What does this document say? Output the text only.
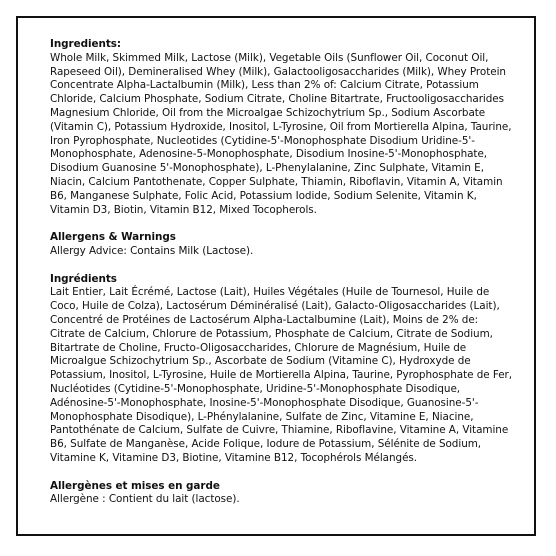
Ingredients:

Whole Milk, Skimmed Milk, Lactose (Milk), Vegetable Oils (Sunflower Oil, Coconut Oil, Rapeseed Oil), Demineralised Whey (Milk), Galactooligosaccharides (Milk), Whey Protein Concentrate Alpha-Lactalbumin (Milk), Less than 2% of: Calcium Citrate, Potassium Chloride, Calcium Phosphate, Sodium Citrate, Choline Bitartrate, Fructooligosaccharides Magnesium Chloride, Oil from the Microalgae Schizochytrium Sp., Sodium Ascorbate (Vitamin C), Potassium Hydroxide, Inositol, L-Tyrosine, Oil from Mortierella Alpina, Taurine, Iron Pyrophosphate, Nucleotides (Cytidine-5'-Monophosphate Disodium Uridine-5'-Monophosphate, Adenosine-5-Monophosphate, Disodium Inosine-5'-Monophosphate, Disodium Guanosine 5'-Monophosphate), L-Phenylalanine, Zinc Sulphate, Vitamin E, Niacin, Calcium Pantothenate, Copper Sulphate, Thiamin, Riboflavin, Vitamin A, Vitamin B6, Manganese Sulphate, Folic Acid, Potassium Iodide, Sodium Selenite, Vitamin K, Vitamin D3, Biotin, Vitamin B12, Mixed Tocopherols.

Allergens & Warnings

Allergy Advice: Contains Milk (Lactose).

Ingrédients

Lait Entier, Lait Écrémé, Lactose (Lait), Huiles Végétales (Huile de Tournesol, Huile de Coco, Huile de Colza), Lactosérum Déminéralisé (Lait), Galacto-Oligosaccharides (Lait), Concentré de Protéines de Lactosérum Alpha-Lactalbumine (Lait), Moins de 2% de: Citrate de Calcium, Chlorure de Potassium, Phosphate de Calcium, Citrate de Sodium, Bitartrate de Choline, Fructo-Oligosaccharides, Chlorure de Magnésium, Huile de Microalgue Schizochytrium Sp., Ascorbate de Sodium (Vitamine C), Hydroxyde de Potassium, Inositol, L-Tyrosine, Huile de Mortierella Alpina, Taurine, Pyrophosphate de Fer, Nucléotides (Cytidine-5'-Monophosphate, Uridine-5'-Monophosphate Disodique, Adénosine-5'-Monophosphate, Inosine-5'-Monophosphate Disodique, Guanosine-5'-Monophosphate Disodique), L-Phénylalanine, Sulfate de Zinc, Vitamine E, Niacine, Pantothénate de Calcium, Sulfate de Cuivre, Thiamine, Riboflavine, Vitamine A, Vitamine B6, Sulfate de Manganèse, Acide Folique, Iodure de Potassium, Sélénite de Sodium, Vitamine K, Vitamine D3, Biotine, Vitamine B12, Tocophérols Mélangés.

Allergènes et mises en garde

Allergène : Contient du lait (lactose).
